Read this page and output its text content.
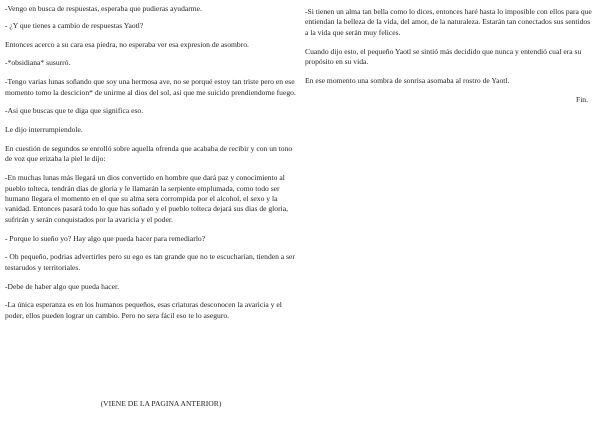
-Vengo en busca de respuestas, esperaba que pudieras ayudarme.

- ¿Y que tienes a cambio de respuestas Yaotl?

Entonces acerco a su cara esa piedra, no esperaba ver esa expresion de asombro.

-*obsidiana* susurró.

-Tengo varias lunas soñando que soy una hermosa ave, no se porqué estoy tan triste pero en ese momento tomo la descicion* de unirme al dios del sol, asi que me suicido prendiendome fuego.

-Asi que buscas que te diga que significa eso.

Le dijo interrumpiendole.

En cuestión de segundos se enrolló sobre aquella ofrenda que acababa de recibir y con un tono de voz que erizaba la piel le dijo:

-En muchas lunas más llegará un dios convertido en hombre que dará paz y conocimiento al pueblo tolteca, tendrán días de gloria y le llamarán la serpiente emplumada, como todo ser humano llegara el momento en el que su alma sera corrompida por el alcohol, el sexo y la vanidad. Entonces pasará todo lo que has soñado y el pueblo tolteca dejará sus dias de gloria, sufrirán y serán conquistados por la avaricia y el poder.

- Porque lo sueño yo? Hay algo que pueda hacer para remediarlo?

- Oh pequeño, podrias advertirles pero su ego es tan grande que no te escucharían, tienden a ser testarudos y territoriales.

-Debe de haber algo que pueda hacer.

-La única esperanza es en los humanos pequeños, esas criaturas desconocen la avaricia y el poder, ellos pueden lograr un cambio. Pero no sera fácil eso te lo aseguro.

(VIENE DE LA PAGINA ANTERIOR)

-Si tienen un alma tan bella como lo dices, entonces haré hasta lo imposible con ellos para que entiendan la belleza de la vida, del amor, de la naturaleza. Estarán tan conectados sus sentidos a la vida que serán muy felices.

Cuando dijo esto, el pequeño Yaotl se sintió más decidido que nunca y entendió cual era su propósito en su vida.

En ese momento una sombra de sonrisa asomaba al rostro de Yaotl.

Fin.
